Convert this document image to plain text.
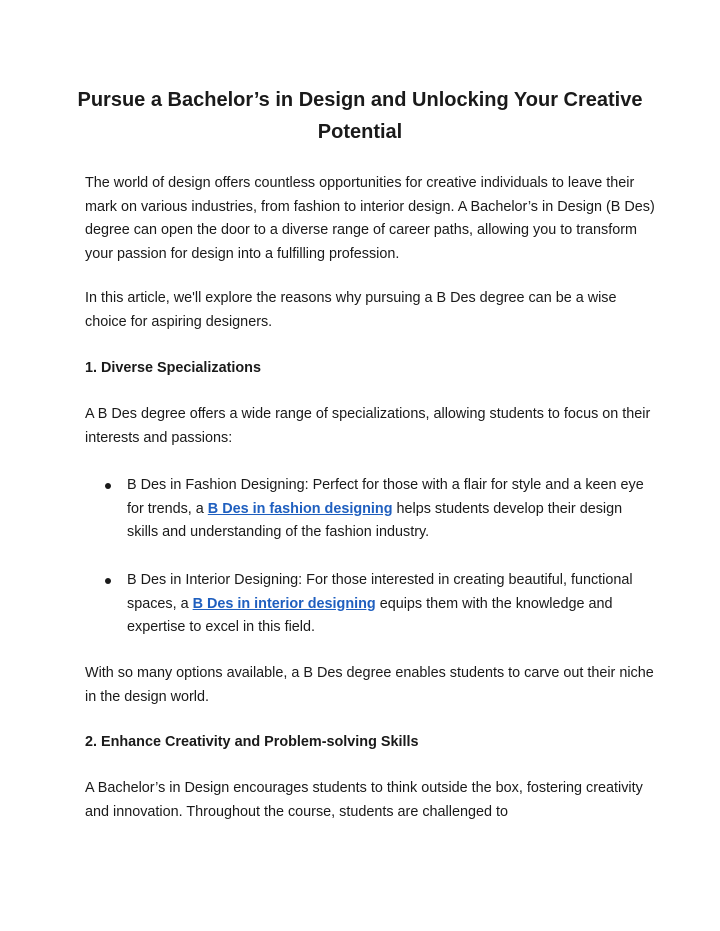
Pursue a Bachelor’s in Design and Unlocking Your Creative Potential

The world of design offers countless opportunities for creative individuals to leave their mark on various industries, from fashion to interior design. A Bachelor’s in Design (B Des) degree can open the door to a diverse range of career paths, allowing you to transform your passion for design into a fulfilling profession.

In this article, we'll explore the reasons why pursuing a B Des degree can be a wise choice for aspiring designers.

1. Diverse Specializations

A B Des degree offers a wide range of specializations, allowing students to focus on their interests and passions:

B Des in Fashion Designing: Perfect for those with a flair for style and a keen eye for trends, a B Des in fashion designing helps students develop their design skills and understanding of the fashion industry.

B Des in Interior Designing: For those interested in creating beautiful, functional spaces, a B Des in interior designing equips them with the knowledge and expertise to excel in this field.

With so many options available, a B Des degree enables students to carve out their niche in the design world.

2. Enhance Creativity and Problem-solving Skills

A Bachelor’s in Design encourages students to think outside the box, fostering creativity and innovation. Throughout the course, students are challenged to
